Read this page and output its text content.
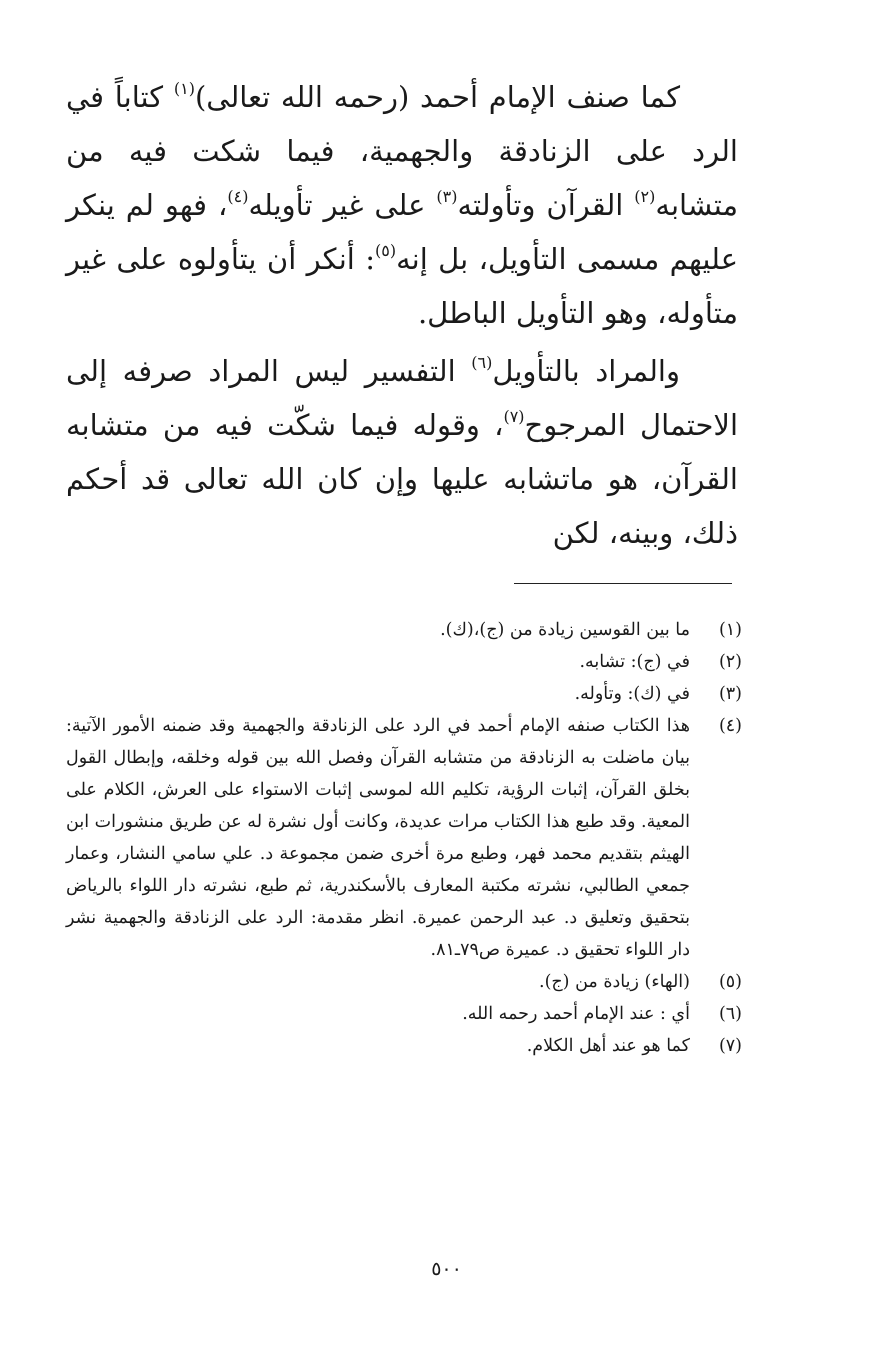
كما صنف الإمام أحمد (رحمه الله تعالى)$^{(١)}$ كتاباً في الرد على الزنادقة والجهمية، فيما شكت فيه من متشابه$^{(٢)}$ القرآن وتأولته$^{(٣)}$ على غير تأويله$^{(٤)}$، فهو لم ينكر عليهم مسمى التأويل، بل إنه$^{(٥)}$: أنكر أن يتأولوه على غير متأوله، وهو التأويل الباطل.

والمراد بالتأويل$^{(٦)}$ التفسير ليس المراد صرفه إلى الاحتمال المرجوح$^{(٧)}$، وقوله فيما شكّت فيه من متشابه القرآن، هو ماتشابه عليها وإن كان الله تعالى قد أحكم ذلك، وبينه، لكن

(١)
ما بين القوسين زيادة من (ج)،(ك).
(٢)
في (ج): تشابه.
(٣)
في (ك): وتأوله.
(٤)
هذا الكتاب صنفه الإمام أحمد في الرد على الزنادقة والجهمية وقد ضمنه الأمور الآتية: بيان ماضلت به الزنادقة من متشابه القرآن وفصل الله بين قوله وخلقه، وإبطال القول بخلق القرآن، إثبات الرؤية، تكليم الله لموسى إثبات الاستواء على العرش، الكلام على المعية. وقد طبع هذا الكتاب مرات عديدة، وكانت أول نشرة له عن طريق منشورات ابن الهيثم بتقديم محمد فهر، وطبع مرة أخرى ضمن مجموعة د. علي سامي النشار، وعمار جمعي الطالبي، نشرته مكتبة المعارف بالأسكندرية، ثم طبع، نشرته دار اللواء بالرياض بتحقيق وتعليق د. عبد الرحمن عميرة. انظر مقدمة: الرد على الزنادقة والجهمية نشر دار اللواء تحقيق د. عميرة ص٧٩ـ٨١.
(٥)
(الهاء) زيادة من (ج).
(٦)
أي : عند الإمام أحمد رحمه الله.
(٧)
كما هو عند أهل الكلام.
٥٠٠
